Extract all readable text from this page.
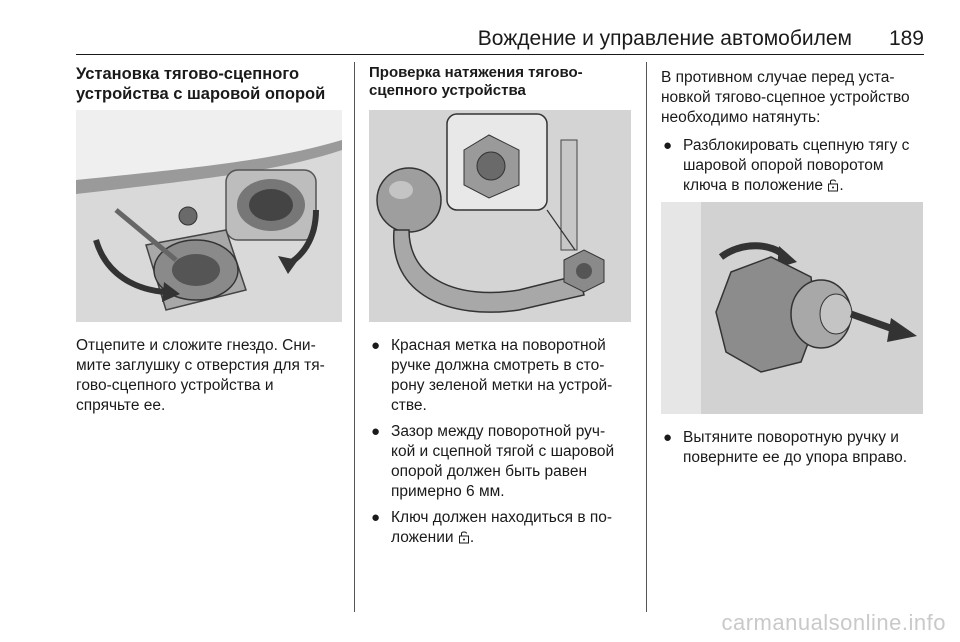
Вождение и управление автомобилем 189
Установка тягово-сцепного
устройства с шаровой опорой
Отцепите и сложите гнездо. Сни-
мите заглушку с отверстия для тя-
гово-сцепного устройства и
спрячьте ее.
Проверка натяжения тягово-
сцепного устройства
● Красная метка на поворотной
ручке должна смотреть в сто-
рону зеленой метки на устрой-
стве.
● Зазор между поворотной руч-
кой и сцепной тягой с шаровой
опорой должен быть равен
примерно 6 мм.
● Ключ должен находиться в по-
ложении .
В противном случае перед уста-
новкой тягово-сцепное устройство
необходимо натянуть:
● Разблокировать сцепную тягу с
шаровой опорой поворотом
ключа в положение .
● Вытяните поворотную ручку и
поверните ее до упора вправо.
carmanualsonline.info
